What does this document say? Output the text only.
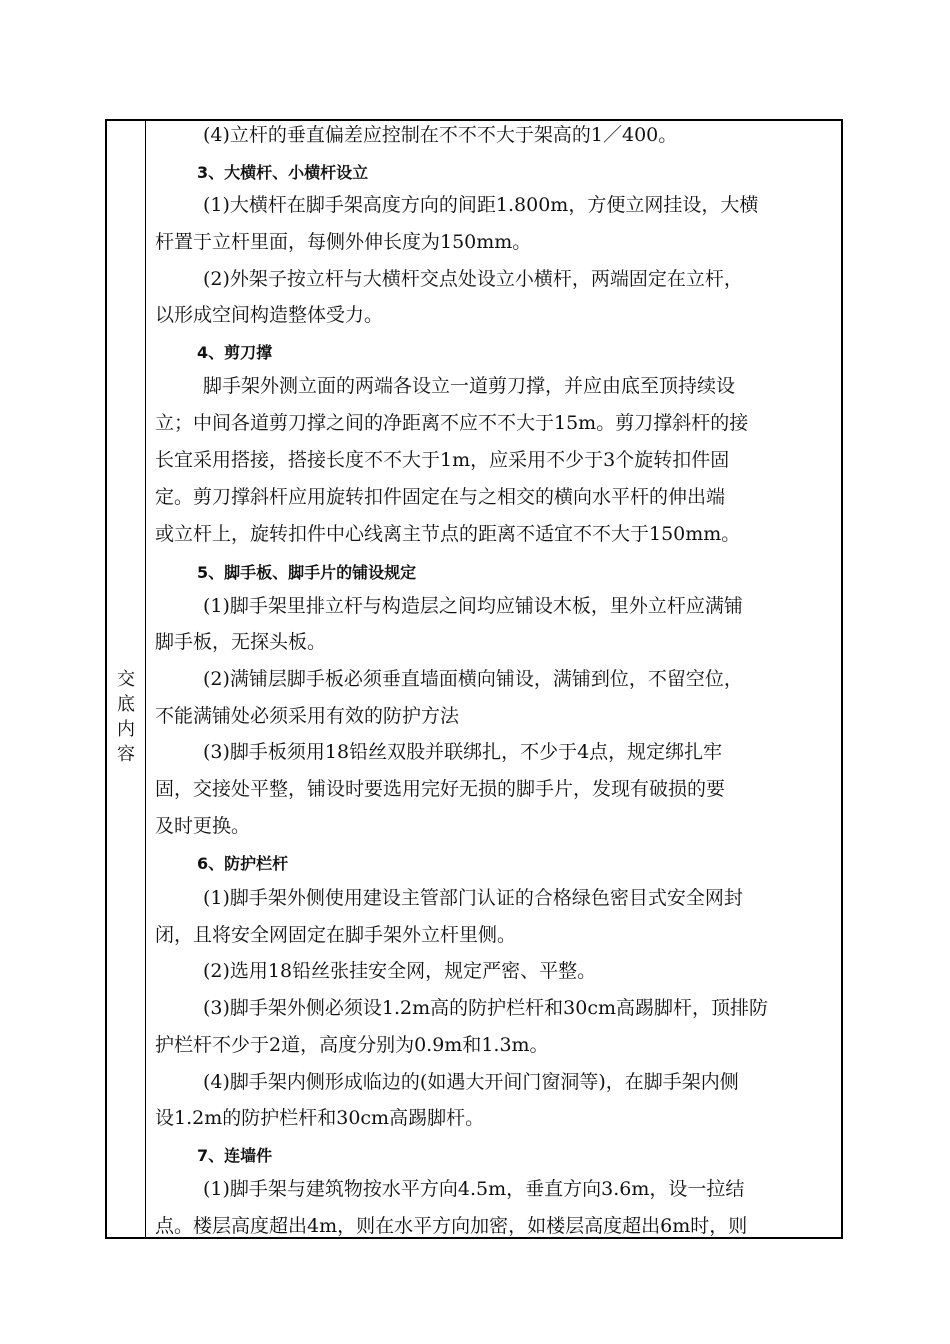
交
底
内
容
(4)立杆的垂直偏差应控制在不不不大于架高的1／400。
3、大横杆、小横杆设立
(1)大横杆在脚手架高度方向的间距1.800m，方便立网挂设，大横
杆置于立杆里面，每侧外伸长度为150mm。
(2)外架子按立杆与大横杆交点处设立小横杆，两端固定在立杆，
以形成空间构造整体受力。
4、剪刀撑
脚手架外测立面的两端各设立一道剪刀撑，并应由底至顶持续设
立；中间各道剪刀撑之间的净距离不应不不大于15m。剪刀撑斜杆的接
长宜采用搭接，搭接长度不不大于1m，应采用不少于3个旋转扣件固
定。剪刀撑斜杆应用旋转扣件固定在与之相交的横向水平杆的伸出端
或立杆上，旋转扣件中心线离主节点的距离不适宜不不大于150mm。
5、脚手板、脚手片的铺设规定
(1)脚手架里排立杆与构造层之间均应铺设木板，里外立杆应满铺
脚手板，无探头板。
(2)满铺层脚手板必须垂直墙面横向铺设，满铺到位，不留空位，
不能满铺处必须采用有效的防护方法
(3)脚手板须用18铅丝双股并联绑扎，不少于4点，规定绑扎牢
固，交接处平整，铺设时要选用完好无损的脚手片，发现有破损的要
及时更换。
6、防护栏杆
(1)脚手架外侧使用建设主管部门认证的合格绿色密目式安全网封
闭，且将安全网固定在脚手架外立杆里侧。
(2)选用18铅丝张挂安全网，规定严密、平整。
(3)脚手架外侧必须设1.2m高的防护栏杆和30cm高踢脚杆，顶排防
护栏杆不少于2道，高度分别为0.9m和1.3m。
(4)脚手架内侧形成临边的(如遇大开间门窗洞等)，在脚手架内侧
设1.2m的防护栏杆和30cm高踢脚杆。
7、连墙件
(1)脚手架与建筑物按水平方向4.5m，垂直方向3.6m，设一拉结
点。楼层高度超出4m，则在水平方向加密，如楼层高度超出6m时，则
